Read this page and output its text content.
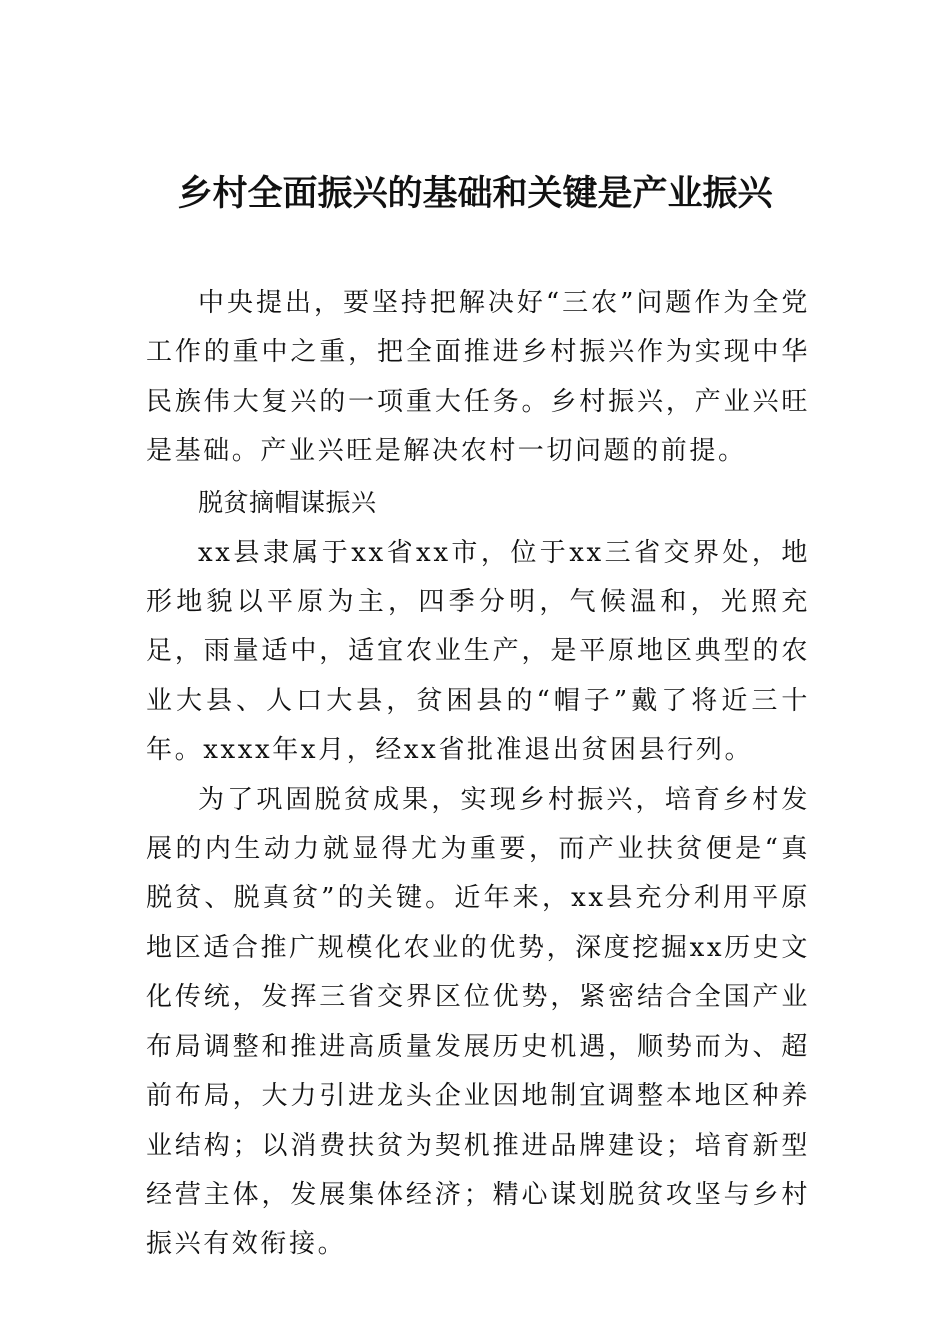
乡村全面振兴的基础和关键是产业振兴

中央提出，要坚持把解决好“三农”问题作为全党工作的重中之重，把全面推进乡村振兴作为实现中华民族伟大复兴的一项重大任务。乡村振兴，产业兴旺是基础。产业兴旺是解决农村一切问题的前提。

脱贫摘帽谋振兴

xx县隶属于xx省xx市，位于xx三省交界处，地形地貌以平原为主，四季分明，气候温和，光照充足，雨量适中，适宜农业生产，是平原地区典型的农业大县、人口大县，贫困县的“帽子”戴了将近三十年。xxxx年x月，经xx省批准退出贫困县行列。

为了巩固脱贫成果，实现乡村振兴，培育乡村发展的内生动力就显得尤为重要，而产业扶贫便是“真脱贫、脱真贫”的关键。近年来，xx县充分利用平原地区适合推广规模化农业的优势，深度挖掘xx历史文化传统，发挥三省交界区位优势，紧密结合全国产业布局调整和推进高质量发展历史机遇，顺势而为、超前布局，大力引进龙头企业因地制宜调整本地区种养业结构；以消费扶贫为契机推进品牌建设；培育新型经营主体，发展集体经济；精心谋划脱贫攻坚与乡村振兴有效衔接。
